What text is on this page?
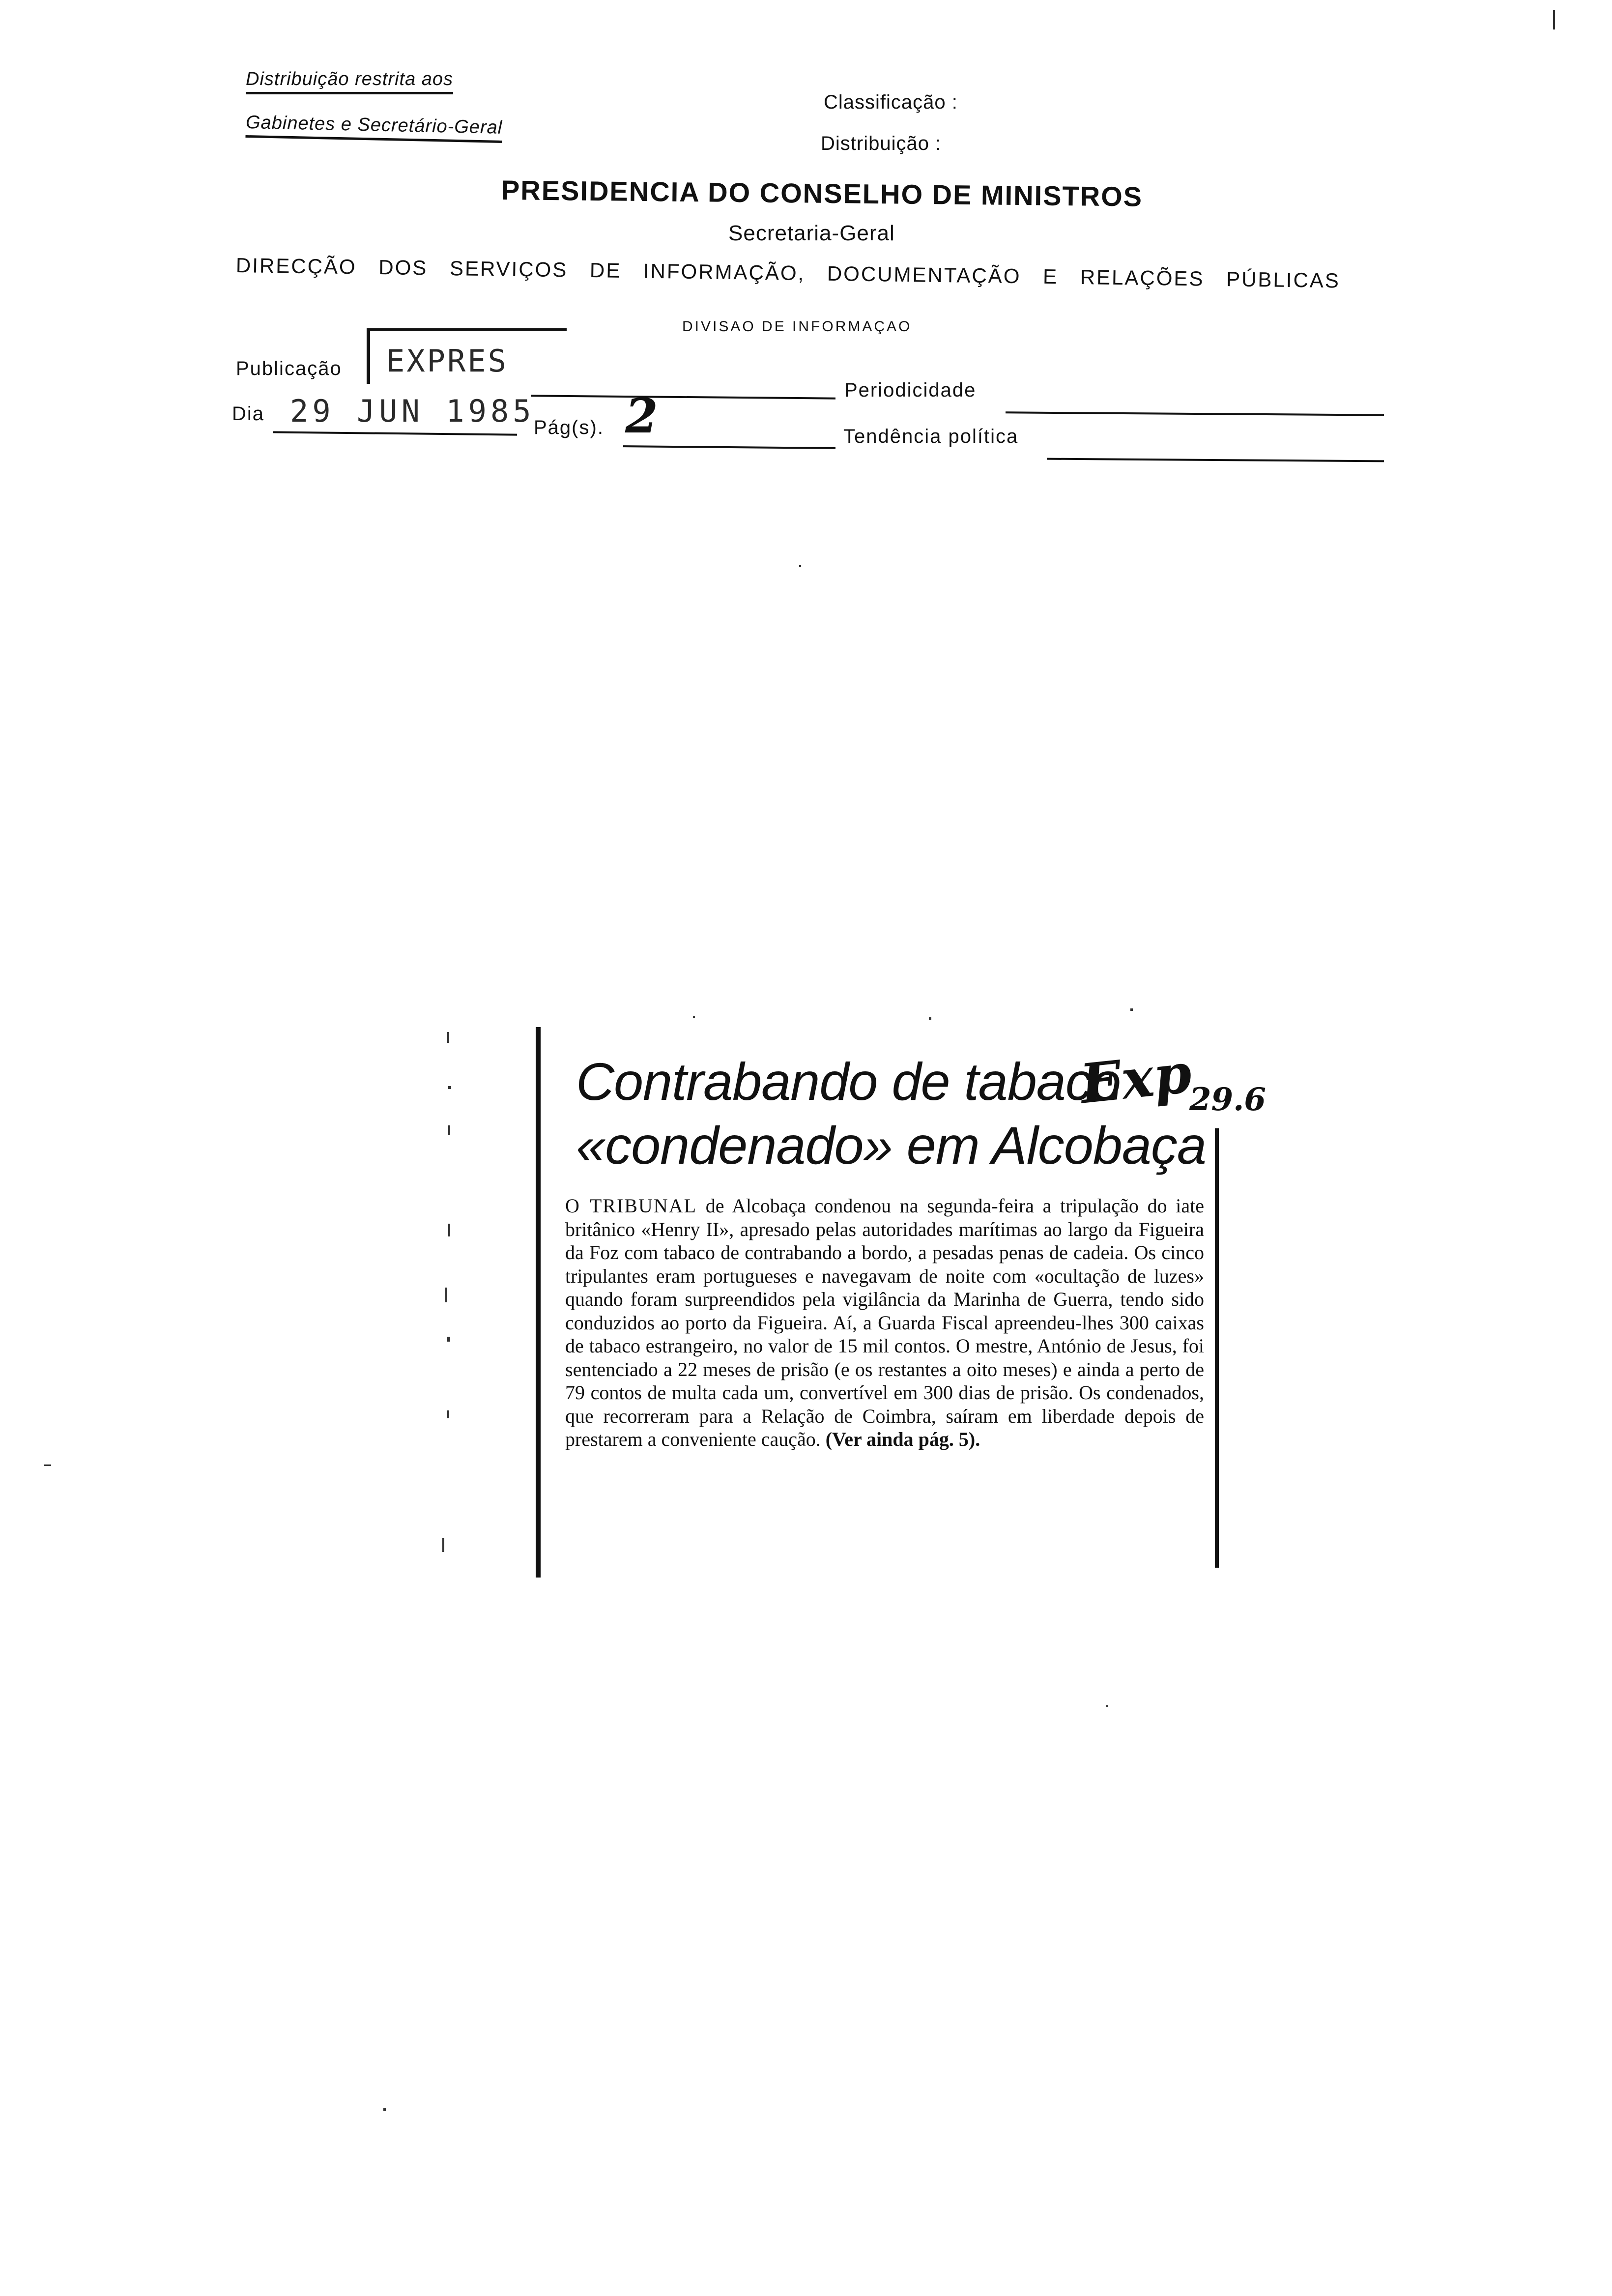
Distribuição restrita aos
Gabinetes e Secretário-Geral
Classificação :
Distribuição :
PRESIDENCIA DO CONSELHO DE MINISTROS
Secretaria-Geral
DIRECÇÃO DOS SERVIÇOS DE INFORMAÇÃO, DOCUMENTAÇÃO E RELAÇÕES PÚBLICAS
DIVISAO DE INFORMAÇAO
Publicação EXPRES
Dia 29 JUN 1985
Pág(s). 2	Periodicidade
Tendência política
Contrabando de tabaco
«condenado» em Alcobaça
Exp
29.6
O TRIBUNAL de Alcobaça condenou na segunda-feira a tripulação do iate britânico «Henry II», apresado pelas autoridades marítimas ao largo da Figueira da Foz com tabaco de contrabando a bordo, a pesadas penas de cadeia. Os cinco tripulantes eram portugueses e navegavam de noite com «ocultação de luzes» quando foram surpreendidos pela vigilância da Marinha de Guerra, tendo sido conduzidos ao porto da Figueira. Aí, a Guarda Fiscal apreendeu-lhes 300 caixas de tabaco estrangeiro, no valor de 15 mil contos. O mestre, António de Jesus, foi sentenciado a 22 meses de prisão (e os restantes a oito meses) e ainda a perto de 79 contos de multa cada um, convertível em 300 dias de prisão. Os condenados, que recorreram para a Relação de Coimbra, saíram em liberdade depois de prestarem a conveniente caução. (Ver ainda pág. 5).
